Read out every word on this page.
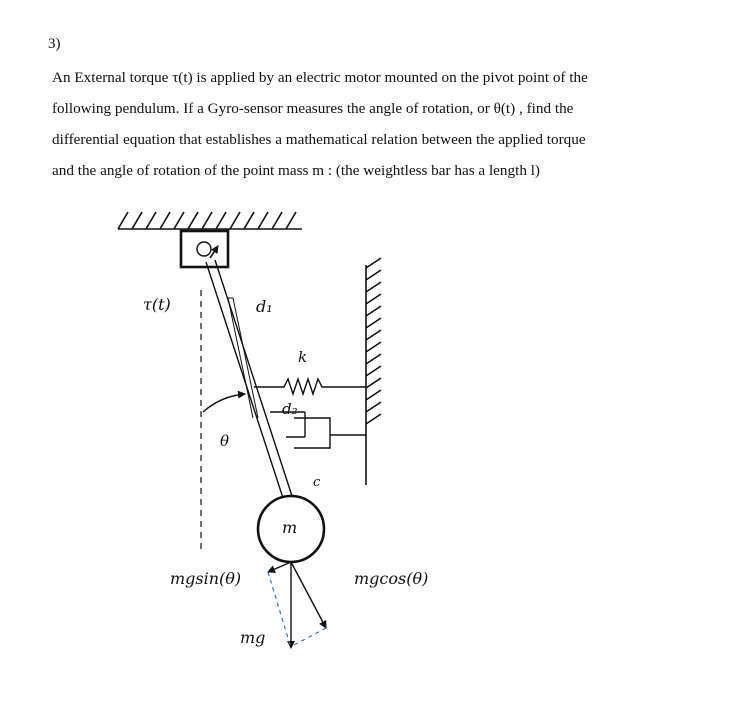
3)
An External torque τ(t) is applied by an electric motor mounted on the pivot point of the
following pendulum. If a Gyro-sensor measures the angle of rotation, or θ(t) , find the
differential equation that establishes a mathematical relation between the applied torque
and the angle of rotation of the point mass m : (the weightless bar has a length l)
τ(t)	d₁
k
d₂
c
θ
m
mgsin(θ)	mgcos(θ)
mg
